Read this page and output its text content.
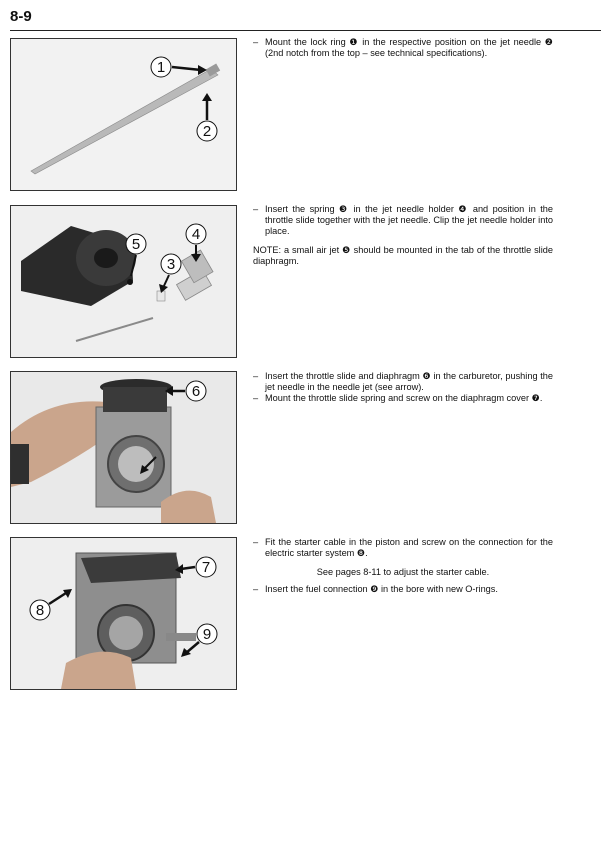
8-9
1
2
– Mount the lock ring ❶ in the respective position on the jet needle ❷ (2nd notch from the top – see technical specifications).
5
3
4
– Insert the spring ❸ in the jet needle holder ❹ and position in the throttle slide together with the jet needle. Clip the jet needle holder into place.
NOTE: a small air jet ❺ should be mounted in the tab of the throttle slide diaphragm.
6
– Insert the throttle slide and diaphragm ❻ in the carburetor, pushing the jet needle in the needle jet (see arrow).
– Mount the throttle slide spring and screw on the diaphragm cover ❼.
7
8
9
– Fit the starter cable in the piston and screw on the connection for the electric starter system ❽.
See pages 8-11 to adjust the starter cable.
– Insert the fuel connection ❾ in the bore with new O-rings.
